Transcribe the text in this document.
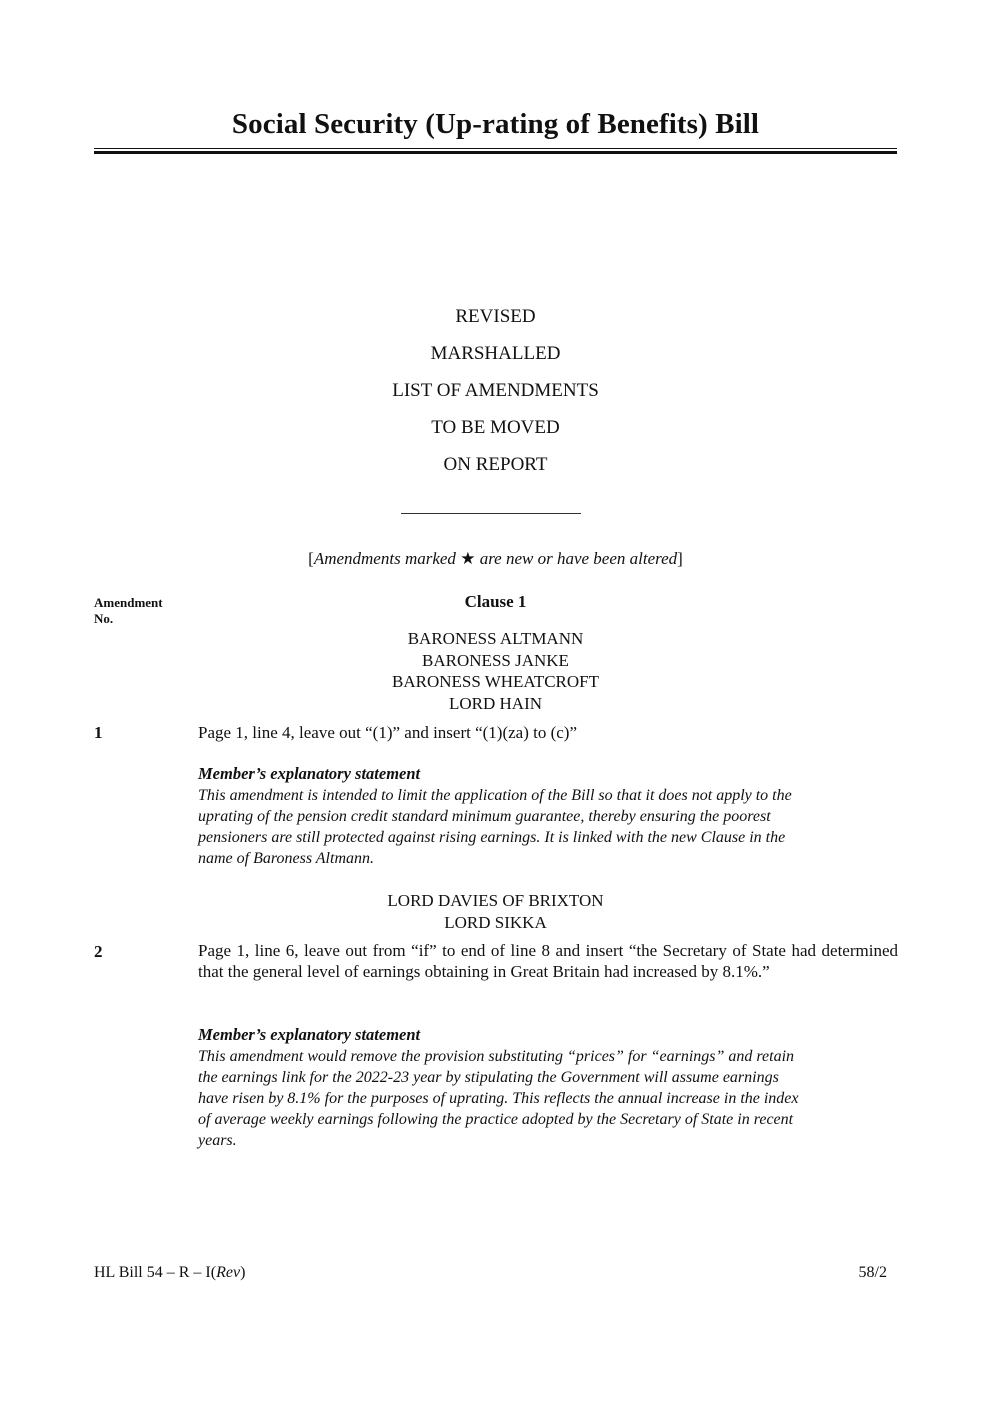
Social Security (Up-rating of Benefits) Bill
REVISED
MARSHALLED
LIST OF AMENDMENTS
TO BE MOVED
ON REPORT
[Amendments marked ★ are new or have been altered]
Amendment
No.
Clause 1
BARONESS ALTMANN
BARONESS JANKE
BARONESS WHEATCROFT
LORD HAIN
1	Page 1, line 4, leave out “(1)” and insert “(1)(za) to (c)”
Member’s explanatory statement
This amendment is intended to limit the application of the Bill so that it does not apply to the
uprating of the pension credit standard minimum guarantee, thereby ensuring the poorest
pensioners are still protected against rising earnings. It is linked with the new Clause in the
name of Baroness Altmann.
LORD DAVIES OF BRIXTON
LORD SIKKA
2	Page 1, line 6, leave out from “if” to end of line 8 and insert “the Secretary of State had determined that the general level of earnings obtaining in Great Britain had increased by 8.1%.”
Member’s explanatory statement
This amendment would remove the provision substituting “prices” for “earnings” and retain
the earnings link for the 2022-23 year by stipulating the Government will assume earnings
have risen by 8.1% for the purposes of uprating. This reflects the annual increase in the index
of average weekly earnings following the practice adopted by the Secretary of State in recent
years.
HL Bill 54 – R – I(Rev)	58/2
